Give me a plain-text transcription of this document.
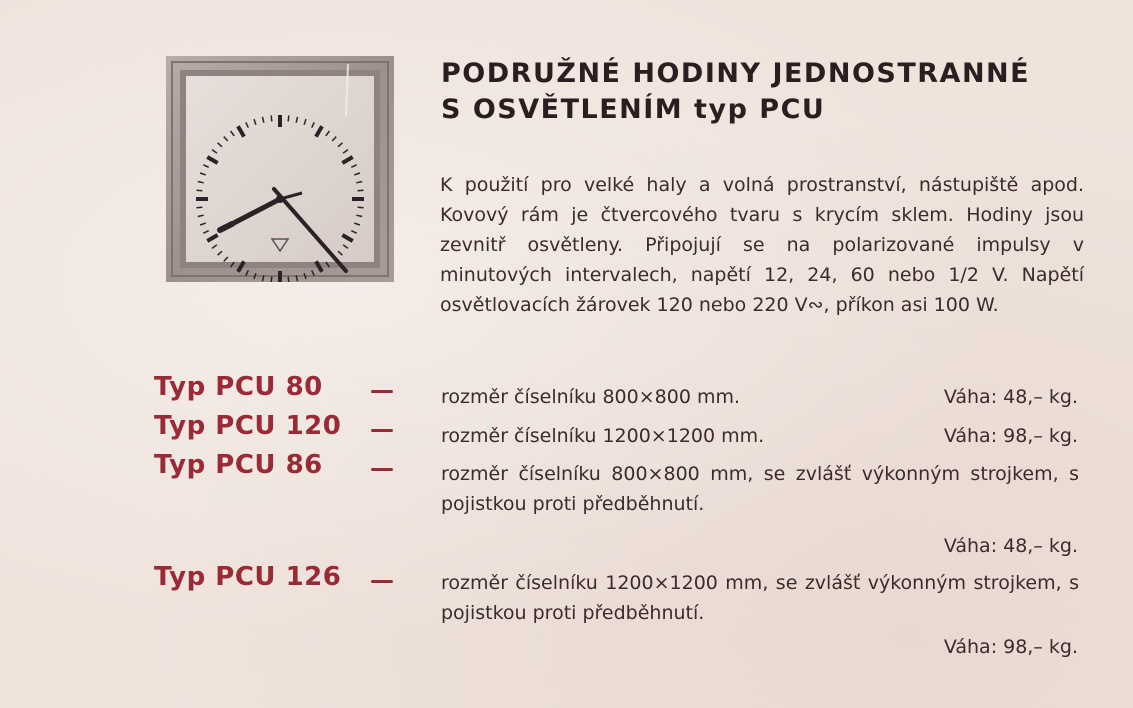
PODRUŽNÉ HODINY JEDNOSTRANNÉ
S OSVĚTLENÍM typ PCU
K použití pro velké haly a volná prostranství, nástupiště apod. Kovový rám je čtvercového tvaru s krycím sklem. Hodiny jsou zevnitř osvětleny. Připojují se na polarizované impulsy v minutových intervalech, napětí 12, 24, 60 nebo 1/2 V. Napětí osvětlovacích žárovek 120 nebo 220 V∾, příkon asi 100 W.
Typ PCU 80 — rozměr číselníku 800×800 mm.	Váha: 48,– kg.
Typ PCU 120 — rozměr číselníku 1200×1200 mm.	Váha: 98,– kg.
Typ PCU 86 — rozměr číselníku 800×800 mm, se zvlášť výkonným strojkem, s pojistkou proti předběhnutí.
Váha: 48,– kg.
Typ PCU 126 — rozměr číselníku 1200×1200 mm, se zvlášť výkonným strojkem, s pojistkou proti předběhnutí.
Váha: 98,– kg.
